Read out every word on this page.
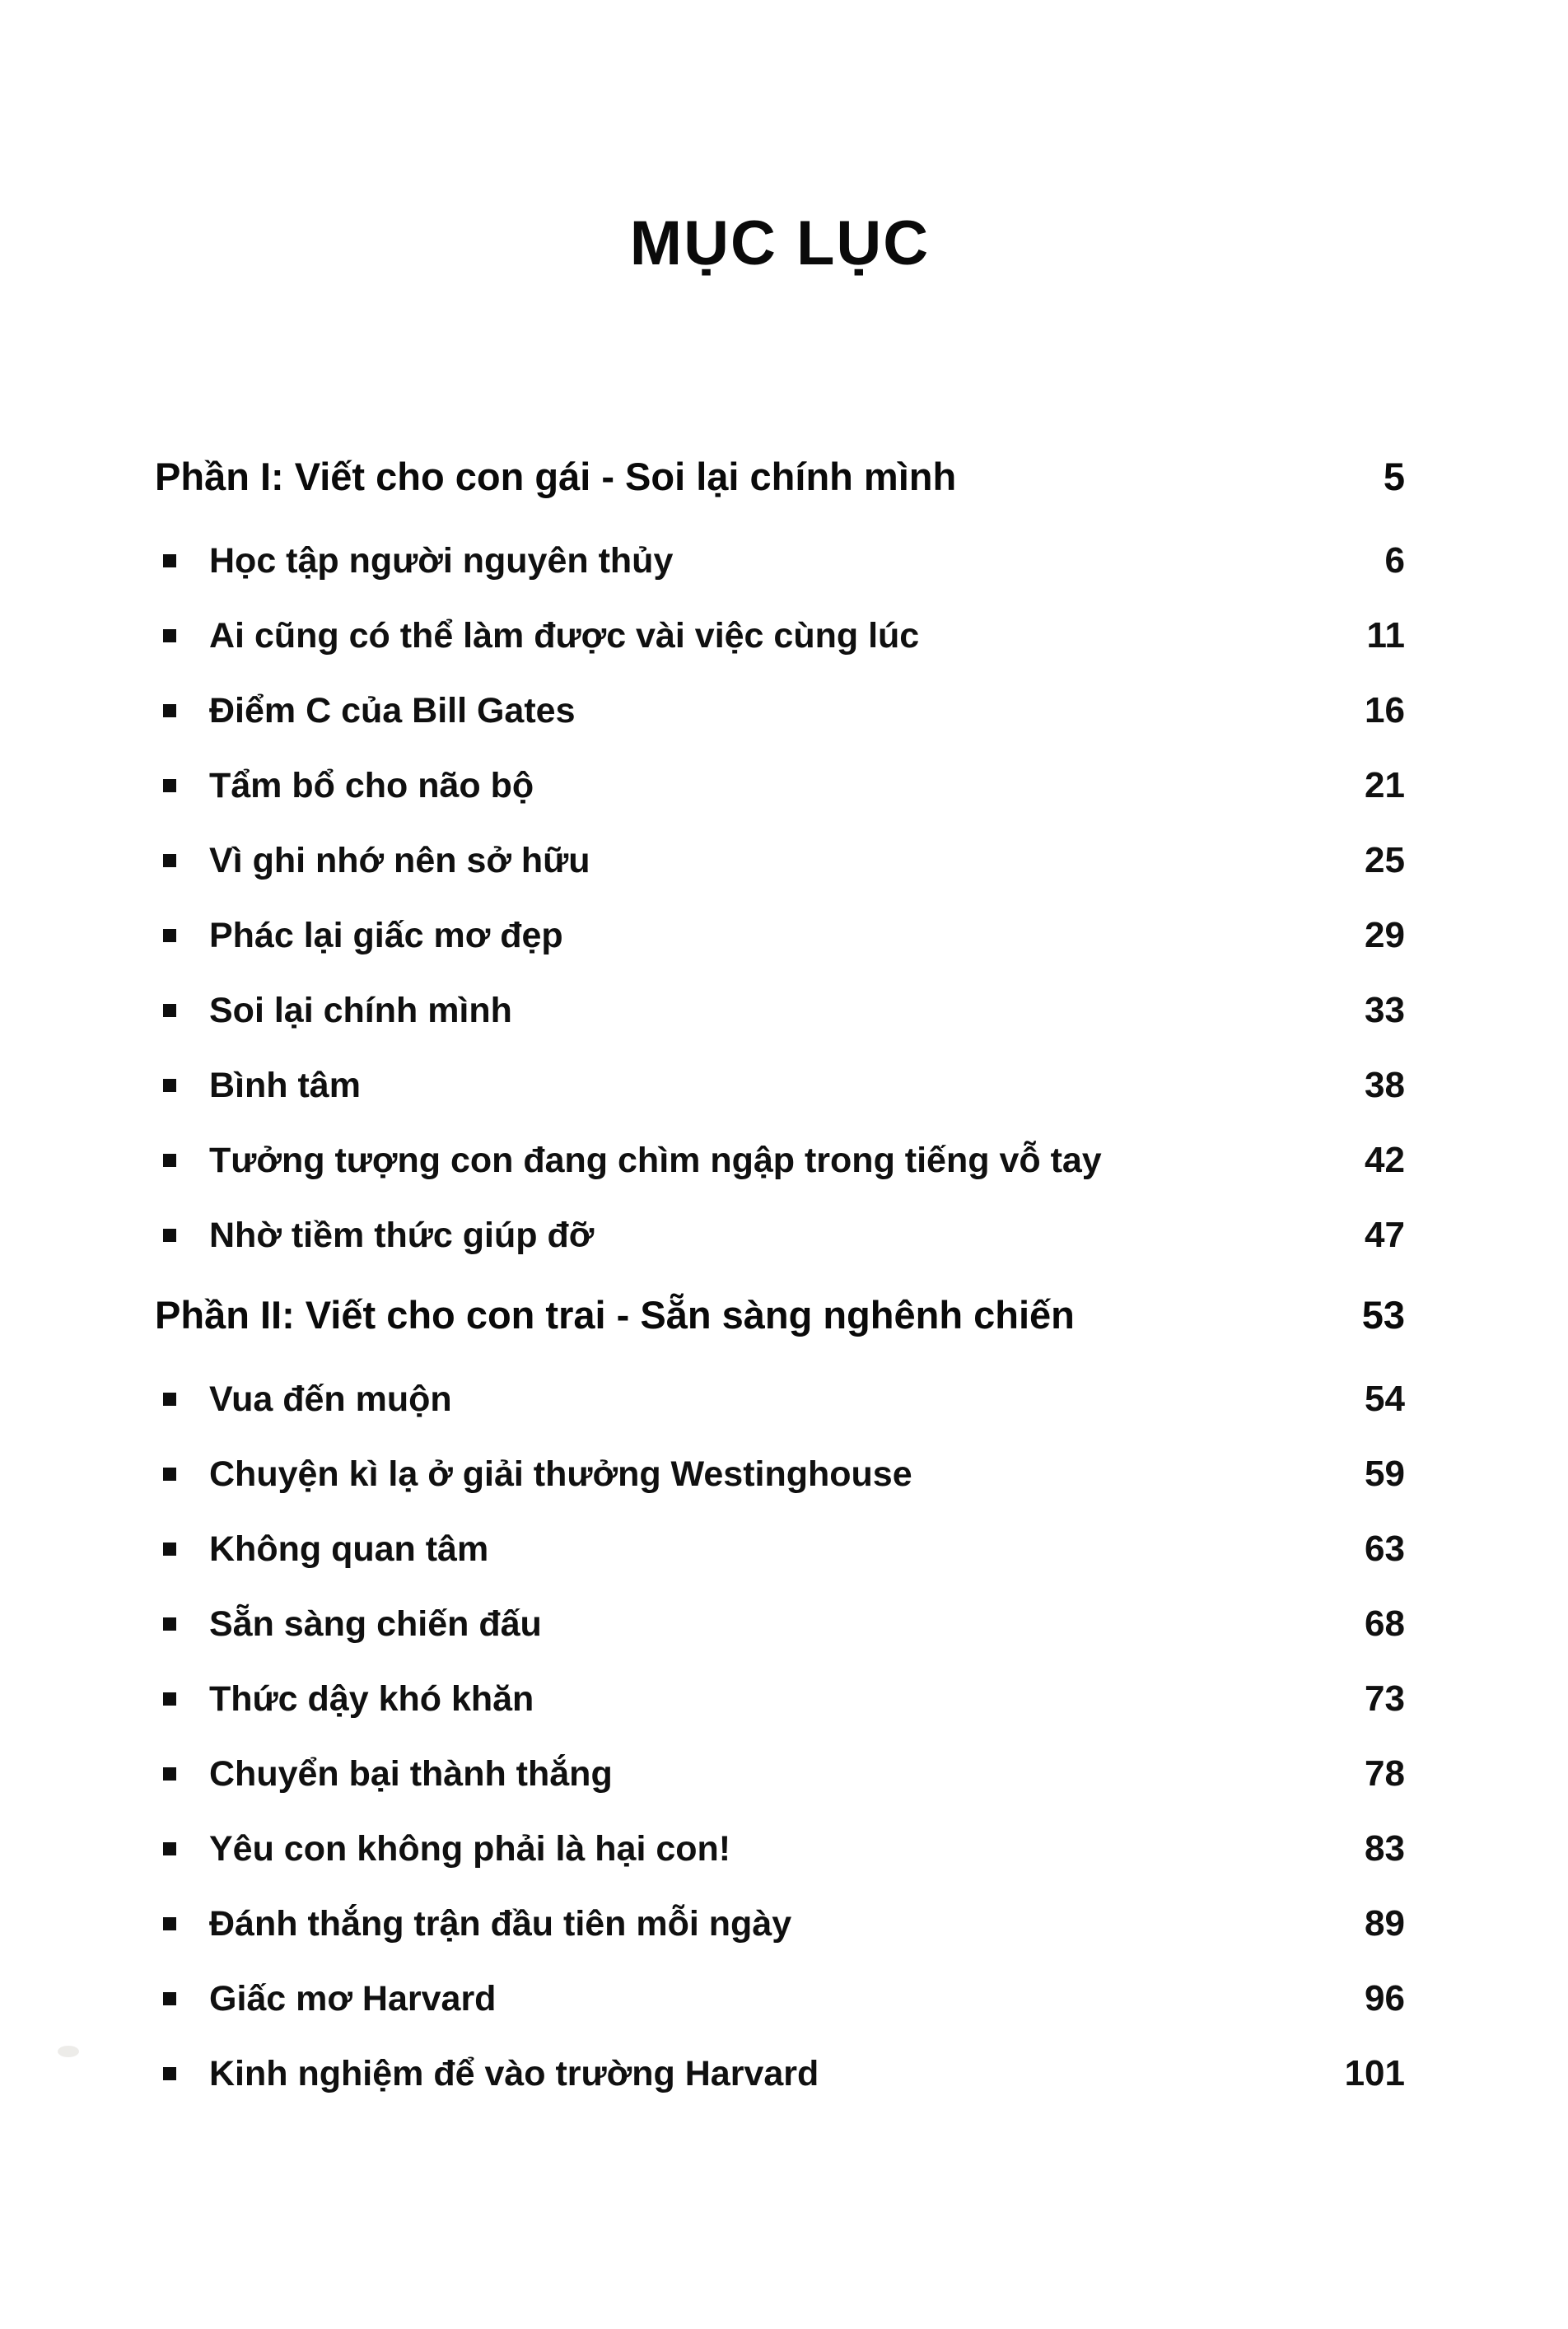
MỤC LỤC
Phần I: Viết cho con gái - Soi lại chính mình	5
Học tập người nguyên thủy	6
Ai cũng có thể làm được vài việc cùng lúc	11
Điểm C của Bill Gates	16
Tẩm bổ cho não bộ	21
Vì ghi nhớ nên sở hữu	25
Phác lại giấc mơ đẹp	29
Soi lại chính mình	33
Bình tâm	38
Tưởng tượng con đang chìm ngập trong tiếng vỗ tay	42
Nhờ tiềm thức giúp đỡ	47
Phần II: Viết cho con trai - Sẵn sàng nghênh chiến	53
Vua đến muộn	54
Chuyện kì lạ ở giải thưởng Westinghouse	59
Không quan tâm	63
Sẵn sàng chiến đấu	68
Thức dậy khó khăn	73
Chuyển bại thành thắng	78
Yêu con không phải là hại con!	83
Đánh thắng trận đầu tiên mỗi ngày	89
Giấc mơ Harvard	96
Kinh nghiệm để vào trường Harvard	101
